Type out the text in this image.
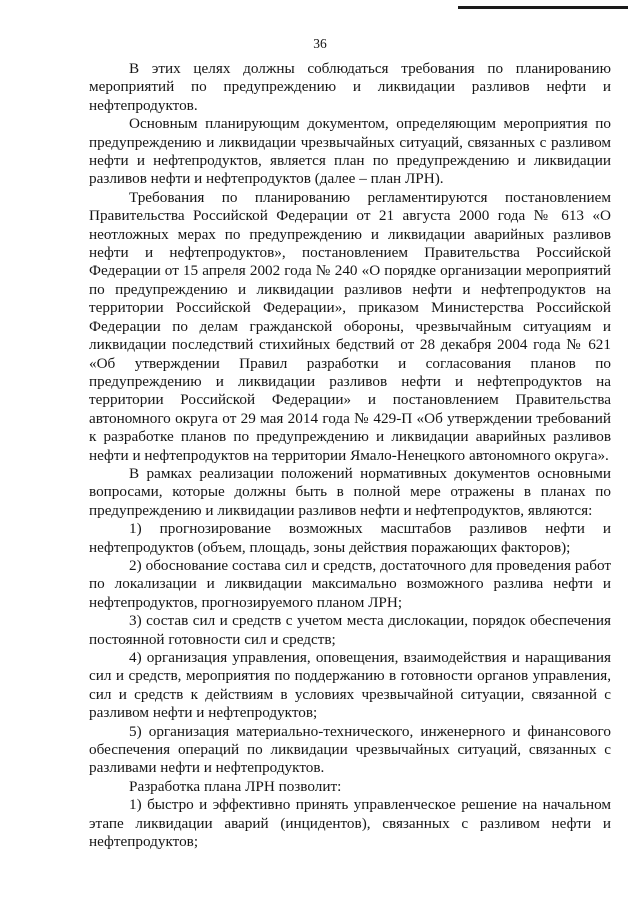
36

В этих целях должны соблюдаться требования по планированию мероприятий по предупреждению и ликвидации разливов нефти и нефтепродуктов.

Основным планирующим документом, определяющим мероприятия по предупреждению и ликвидации чрезвычайных ситуаций, связанных с разливом нефти и нефтепродуктов, является план по предупреждению и ликвидации разливов нефти и нефтепродуктов (далее – план ЛРН).

Требования по планированию регламентируются постановлением Правительства Российской Федерации от 21 августа 2000 года № 613 «О неотложных мерах по предупреждению и ликвидации аварийных разливов нефти и нефтепродуктов», постановлением Правительства Российской Федерации от 15 апреля 2002 года № 240 «О порядке организации мероприятий по предупреждению и ликвидации разливов нефти и нефтепродуктов на территории Российской Федерации», приказом Министерства Российской Федерации по делам гражданской обороны, чрезвычайным ситуациям и ликвидации последствий стихийных бедствий от 28 декабря 2004 года № 621 «Об утверждении Правил разработки и согласования планов по предупреждению и ликвидации разливов нефти и нефтепродуктов на территории Российской Федерации» и постановлением Правительства автономного округа от 29 мая 2014 года № 429-П «Об утверждении требований к разработке планов по предупреждению и ликвидации аварийных разливов нефти и нефтепродуктов на территории Ямало-Ненецкого автономного округа».

В рамках реализации положений нормативных документов основными вопросами, которые должны быть в полной мере отражены в планах по предупреждению и ликвидации разливов нефти и нефтепродуктов, являются:

1) прогнозирование возможных масштабов разливов нефти и нефтепродуктов (объем, площадь, зоны действия поражающих факторов);

2) обоснование состава сил и средств, достаточного для проведения работ по локализации и ликвидации максимально возможного разлива нефти и нефтепродуктов, прогнозируемого планом ЛРН;

3) состав сил и средств с учетом места дислокации, порядок обеспечения постоянной готовности сил и средств;

4) организация управления, оповещения, взаимодействия и наращивания сил и средств, мероприятия по поддержанию в готовности органов управления, сил и средств к действиям в условиях чрезвычайной ситуации, связанной с разливом нефти и нефтепродуктов;

5) организация материально-технического, инженерного и финансового обеспечения операций по ликвидации чрезвычайных ситуаций, связанных с разливами нефти и нефтепродуктов.

Разработка плана ЛРН позволит:

1) быстро и эффективно принять управленческое решение на начальном этапе ликвидации аварий (инцидентов), связанных с разливом нефти и нефтепродуктов;
